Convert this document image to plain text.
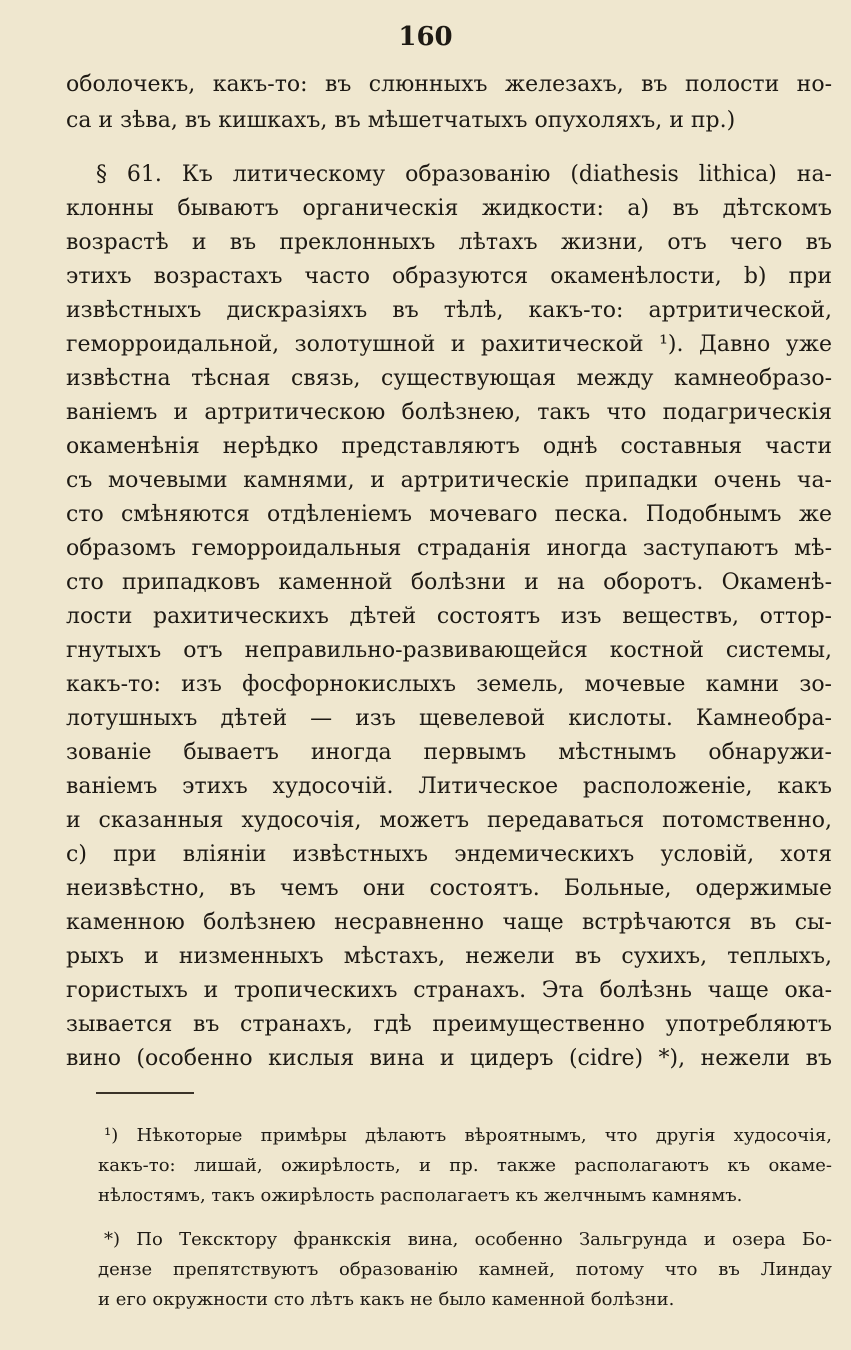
160
оболочекъ, какъ-то: въ слюнныхъ железахъ, въ полости но-
са и зѣва, въ кишкахъ, въ мѣшетчатыхъ опухоляхъ, и пр.)
§ 61. Къ литическому образованію (diathesis lithica) на-
клонны бываютъ органическія жидкости: a) въ дѣтскомъ
возрастѣ и въ преклонныхъ лѣтахъ жизни, отъ чего въ
этихъ возрастахъ часто образуются окаменѣлости, b) при
извѣстныхъ дискразіяхъ въ тѣлѣ, какъ-то: артритической,
геморроидальной, золотушной и рахитической ¹). Давно уже
извѣстна тѣсная связь, существующая между камнеобразо-
ваніемъ и артритическою болѣзнею, такъ что подагрическія
окаменѣнія нерѣдко представляютъ однѣ составныя части
съ мочевыми камнями, и артритическіе припадки очень ча-
сто смѣняются отдѣленіемъ мочеваго песка. Подобнымъ же
образомъ геморроидальныя страданія иногда заступаютъ мѣ-
сто припадковъ каменной болѣзни и на оборотъ. Окаменѣ-
лости рахитическихъ дѣтей состоятъ изъ веществъ, оттор-
гнутыхъ отъ неправильно-развивающейся костной системы,
какъ-то: изъ фосфорнокислыхъ земель, мочевые камни зо-
лотушныхъ дѣтей — изъ щевелевой кислоты. Камнеобра-
зованіе бываетъ иногда первымъ мѣстнымъ обнаружи-
ваніемъ этихъ худосочій. Литическое расположеніе, какъ
и сказанныя худосочія, можетъ передаваться потомственно,
c) при вліяніи извѣстныхъ эндемическихъ условій, хотя
неизвѣстно, въ чемъ они состоятъ. Больные, одержимые
каменною болѣзнею несравненно чаще встрѣчаются въ сы-
рыхъ и низменныхъ мѣстахъ, нежели въ сухихъ, теплыхъ,
гористыхъ и тропическихъ странахъ. Эта болѣзнь чаще ока-
зывается въ странахъ, гдѣ преимущественно употребляютъ
вино (особенно кислыя вина и цидеръ (cidre) *), нежели въ
¹) Нѣкоторые примѣры дѣлаютъ вѣроятнымъ, что другія худосочія,
какъ-то: лишай, ожирѣлость, и пр. также располагаютъ къ окаме-
нѣлостямъ, такъ ожирѣлость располагаетъ къ желчнымъ камнямъ.
*) По Тексктору франкскія вина, особенно Зальгрунда и озера Бо-
дензе препятствуютъ образованію камней, потому что въ Линдау
и его окружности сто лѣтъ какъ не было каменной болѣзни.
